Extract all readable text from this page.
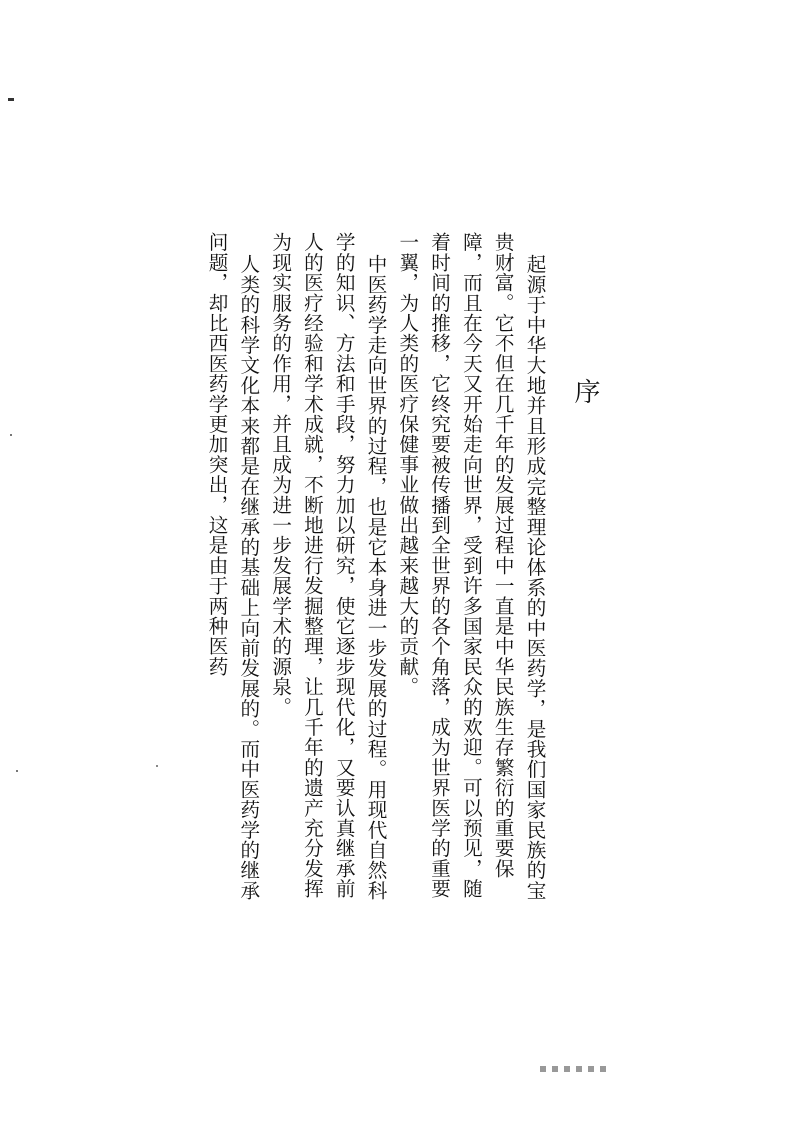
序

起源于中华大地并且形成完整理论体系的中医药学，是我们国家民族的宝贵财富。它不但在几千年的发展过程中一直是中华民族生存繁衍的重要保障，而且在今天又开始走向世界，受到许多国家民众的欢迎。可以预见，随着时间的推移，它终究要被传播到全世界的各个角落，成为世界医学的重要一翼，为人类的医疗保健事业做出越来越大的贡献。

中医药学走向世界的过程，也是它本身进一步发展的过程。用现代自然科学的知识、方法和手段，努力加以研究，使它逐步现代化，又要认真继承前人的医疗经验和学术成就，不断地进行发掘整理，让几千年的遗产充分发挥为现实服务的作用，并且成为进一步发展学术的源泉。

人类的科学文化本来都是在继承的基础上向前发展的。而中医药学的继承问题，却比西医药学更加突出，这是由于两种医药
